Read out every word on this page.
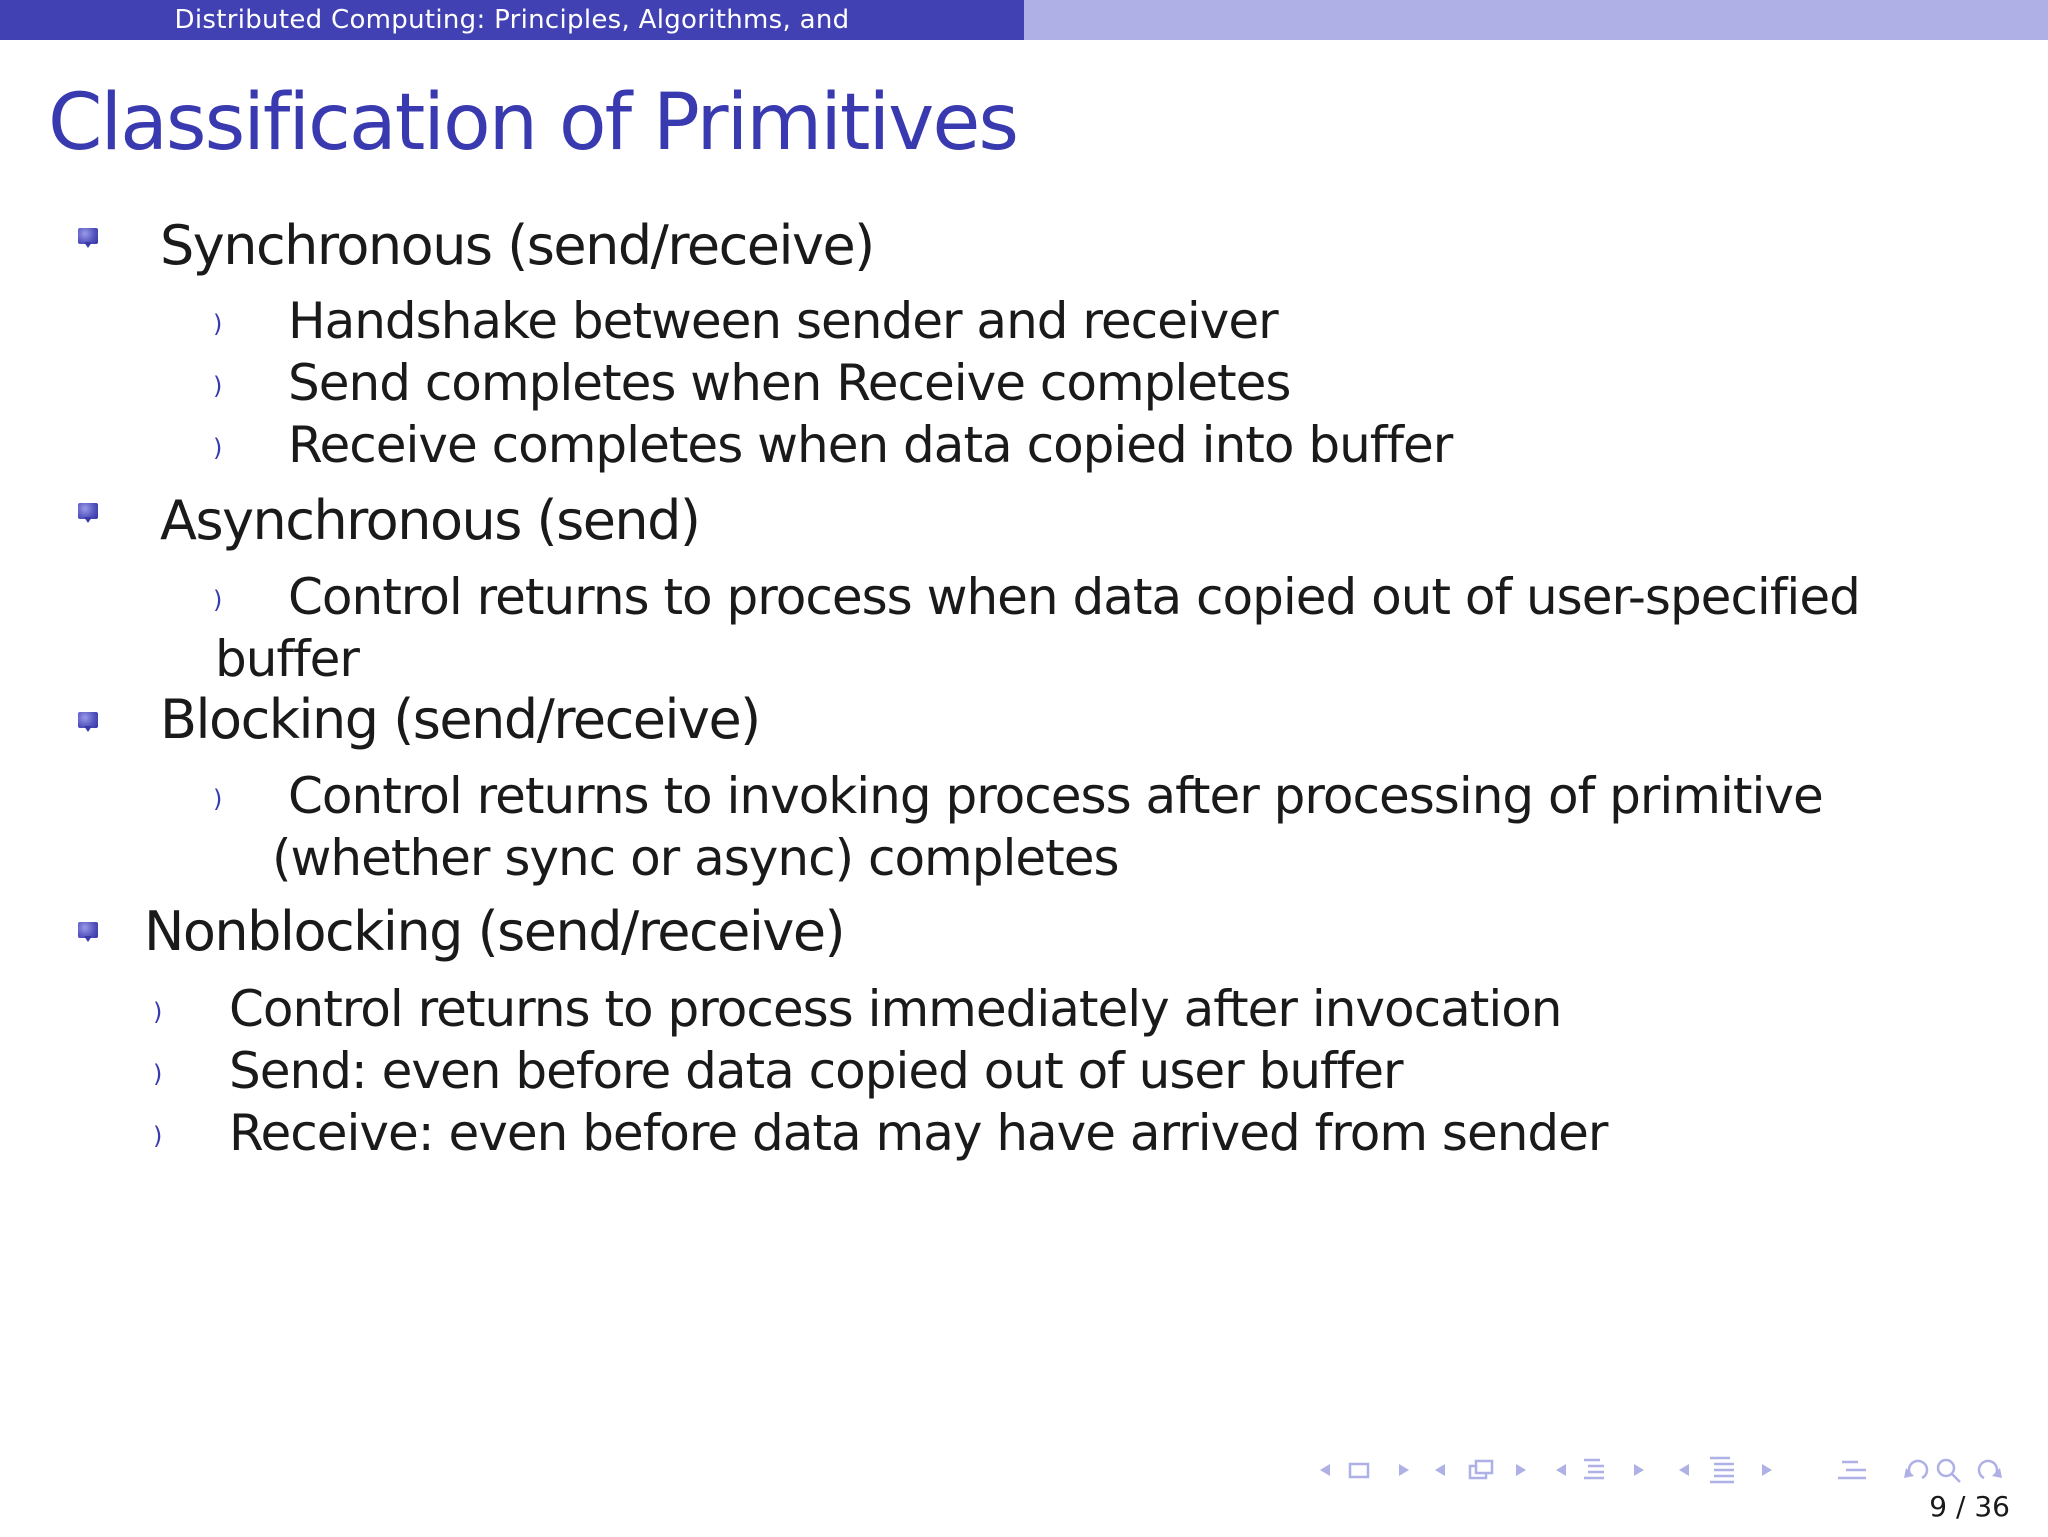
Distributed Computing: Principles, Algorithms, and
Classification of Primitives
Synchronous (send/receive)
) Handshake between sender and receiver
) Send completes when Receive completes
) Receive completes when data copied into buffer
Asynchronous (send)
) Control returns to process when data copied out of user-specified
buffer
Blocking (send/receive)
) Control returns to invoking process after processing of primitive
(whether sync or async) completes
Nonblocking (send/receive)
) Control returns to process immediately after invocation
) Send: even before data copied out of user buffer
) Receive: even before data may have arrived from sender
9 / 36
